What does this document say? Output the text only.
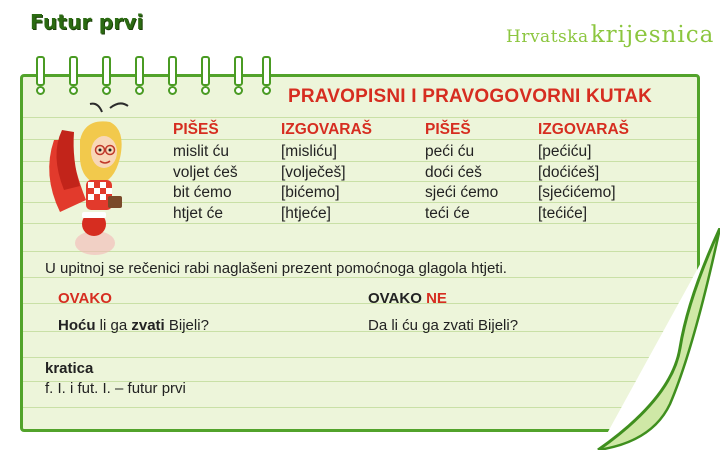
Futur prvi
Hrvatskakrijesnica
PRAVOPISNI I PRAVOGOVORNI KUTAK
PIŠEŠ
mislit ću
voljet ćeš
bit ćemo
htjet će
IZGOVARAŠ
[misliću]
[volječeš]
[bićemo]
[htjeće]
PIŠEŠ
peći ću
doći ćeš
sjeći ćemo
teći će
IZGOVARAŠ
[pećiću]
[doćićeš]
[sjećićemo]
[tećiće]
U upitnoj se rečenici rabi naglašeni prezent pomoćnoga glagola htjeti.
OVAKO	OVAKO NE
Hoću li ga zvati Bijeli?	Da li ću ga zvati Bijeli?
kratica
f. I. i fut. I. – futur prvi
